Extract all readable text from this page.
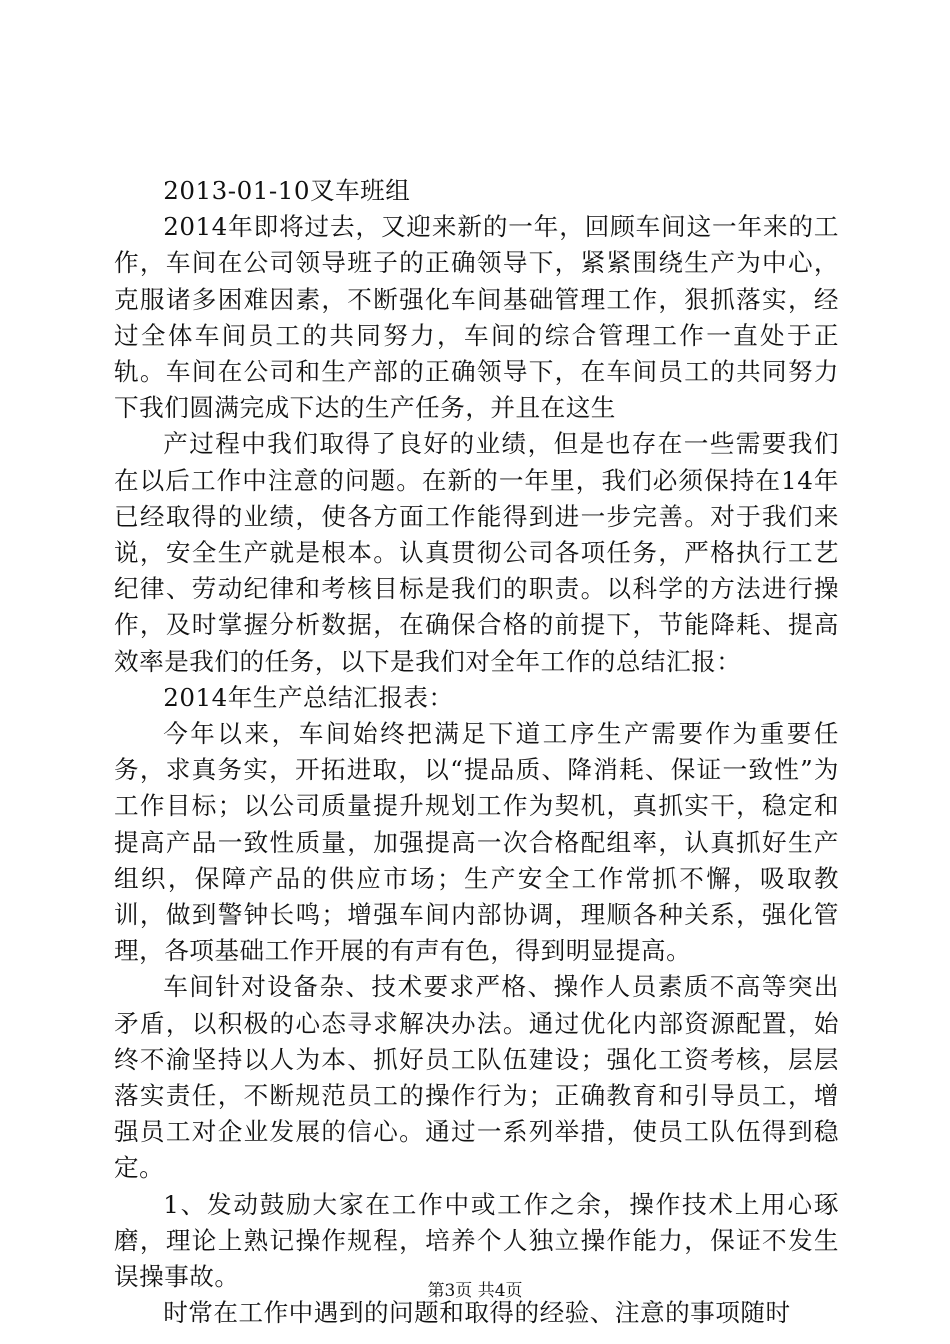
2013-01-10叉车班组

2014年即将过去，又迎来新的一年，回顾车间这一年来的工作，车间在公司领导班子的正确领导下，紧紧围绕生产为中心，克服诸多困难因素，不断强化车间基础管理工作，狠抓落实，经过全体车间员工的共同努力，车间的综合管理工作一直处于正轨。车间在公司和生产部的正确领导下，在车间员工的共同努力下我们圆满完成下达的生产任务，并且在这生

产过程中我们取得了良好的业绩，但是也存在一些需要我们在以后工作中注意的问题。在新的一年里，我们必须保持在14年已经取得的业绩，使各方面工作能得到进一步完善。对于我们来说，安全生产就是根本。认真贯彻公司各项任务，严格执行工艺纪律、劳动纪律和考核目标是我们的职责。以科学的方法进行操作，及时掌握分析数据，在确保合格的前提下，节能降耗、提高效率是我们的任务，以下是我们对全年工作的总结汇报：

2014年生产总结汇报表：

今年以来，车间始终把满足下道工序生产需要作为重要任务，求真务实，开拓进取，以“提品质、降消耗、保证一致性”为工作目标；以公司质量提升规划工作为契机，真抓实干，稳定和提高产品一致性质量，加强提高一次合格配组率，认真抓好生产组织，保障产品的供应市场；生产安全工作常抓不懈，吸取教训，做到警钟长鸣；增强车间内部协调，理顺各种关系，强化管理，各项基础工作开展的有声有色，得到明显提高。

车间针对设备杂、技术要求严格、操作人员素质不高等突出矛盾，以积极的心态寻求解决办法。通过优化内部资源配置，始终不渝坚持以人为本、抓好员工队伍建设；强化工资考核，层层落实责任，不断规范员工的操作行为；正确教育和引导员工，增强员工对企业发展的信心。通过一系列举措，使员工队伍得到稳定。

1、发动鼓励大家在工作中或工作之余，操作技术上用心琢磨，理论上熟记操作规程，培养个人独立操作能力，保证不发生误操事故。

时常在工作中遇到的问题和取得的经验、注意的事项随时

第3页 共4页
